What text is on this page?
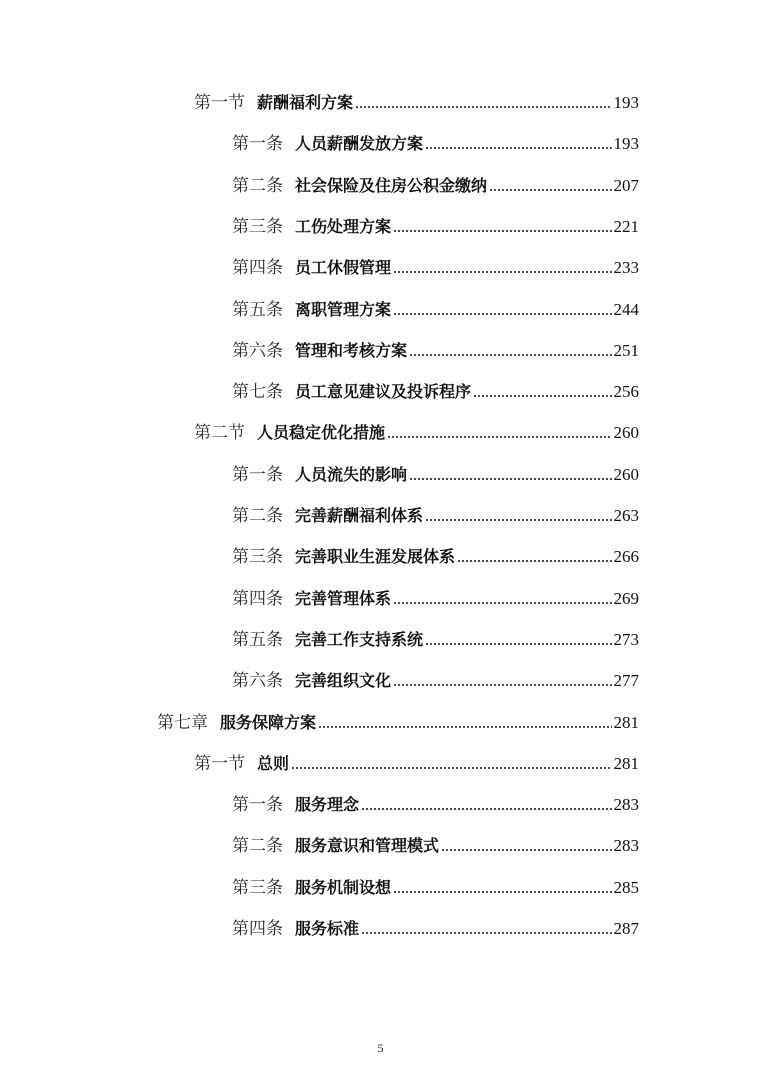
第一节 薪酬福利方案	193
第一条 人员薪酬发放方案	193
第二条 社会保险及住房公积金缴纳	207
第三条 工伤处理方案	221
第四条 员工休假管理	233
第五条 离职管理方案	244
第六条 管理和考核方案	251
第七条 员工意见建议及投诉程序	256
第二节 人员稳定优化措施	260
第一条 人员流失的影响	260
第二条 完善薪酬福利体系	263
第三条 完善职业生涯发展体系	266
第四条 完善管理体系	269
第五条 完善工作支持系统	273
第六条 完善组织文化	277
第七章 服务保障方案	281
第一节 总则	281
第一条 服务理念	283
第二条 服务意识和管理模式	283
第三条 服务机制设想	285
第四条 服务标准	287
5
